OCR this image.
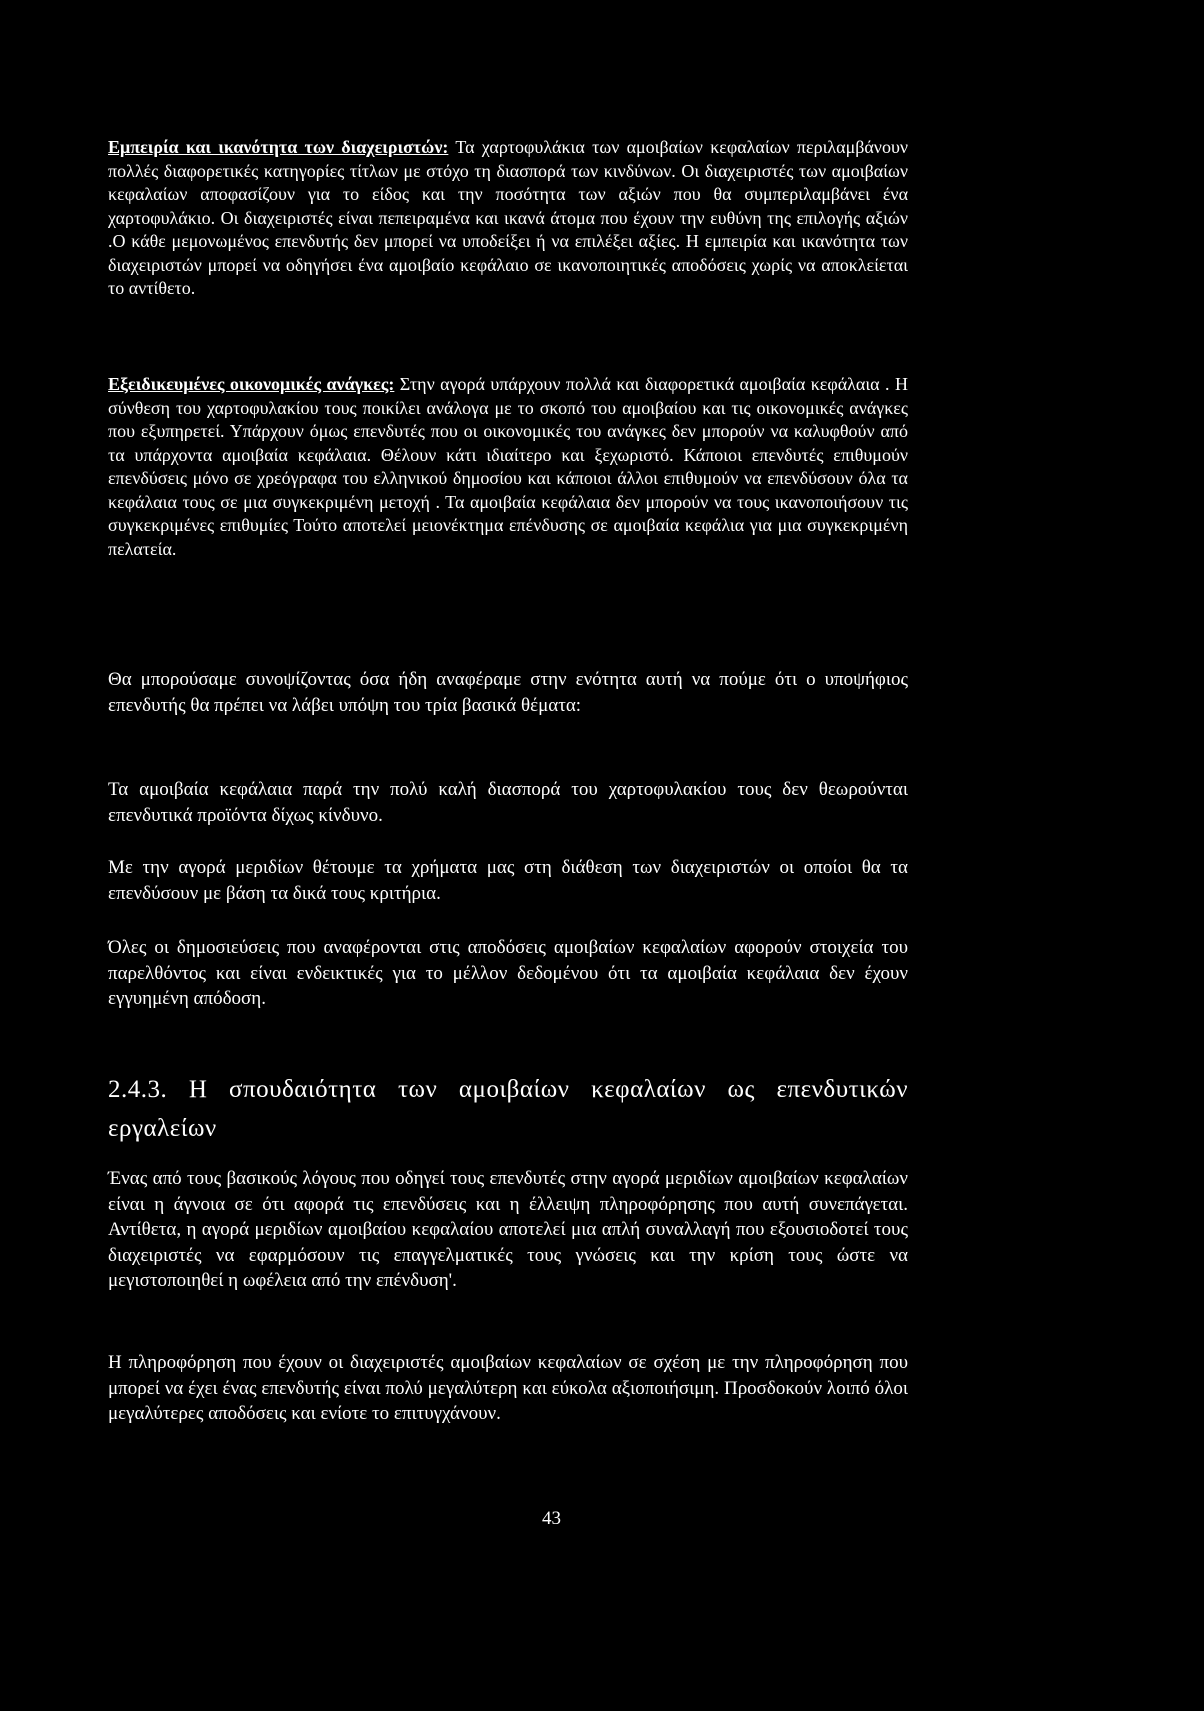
Εμπειρία και ικανότητα των διαχειριστών: Τα χαρτοφυλάκια των αμοιβαίων κεφαλαίων περιλαμβάνουν πολλές διαφορετικές κατηγορίες τίτλων με στόχο τη διασπορά των κινδύνων. Οι διαχειριστές των αμοιβαίων κεφαλαίων αποφασίζουν για το είδος και την ποσότητα των αξιών που θα συμπεριλαμβάνει ένα χαρτοφυλάκιο. Οι διαχειριστές είναι πεπειραμένα και ικανά άτομα που έχουν την ευθύνη της επιλογής αξιών .Ο κάθε μεμονωμένος επενδυτής δεν μπορεί να υποδείξει ή να επιλέξει αξίες. Η εμπειρία και ικανότητα των διαχειριστών μπορεί να οδηγήσει ένα αμοιβαίο κεφάλαιο σε ικανοποιητικές αποδόσεις χωρίς να αποκλείεται το αντίθετο.

Εξειδικευμένες οικονομικές ανάγκες: Στην αγορά υπάρχουν πολλά και διαφορετικά αμοιβαία κεφάλαια . Η σύνθεση του χαρτοφυλακίου τους ποικίλει ανάλογα με το σκοπό του αμοιβαίου και τις οικονομικές ανάγκες που εξυπηρετεί. Υπάρχουν όμως επενδυτές που οι οικονομικές του ανάγκες δεν μπορούν να καλυφθούν από τα υπάρχοντα αμοιβαία κεφάλαια. Θέλουν κάτι ιδιαίτερο και ξεχωριστό. Κάποιοι επενδυτές επιθυμούν επενδύσεις μόνο σε χρεόγραφα του ελληνικού δημοσίου και κάποιοι άλλοι επιθυμούν να επενδύσουν όλα τα κεφάλαια τους σε μια συγκεκριμένη μετοχή . Τα αμοιβαία κεφάλαια δεν μπορούν να τους ικανοποιήσουν τις συγκεκριμένες επιθυμίες Τούτο αποτελεί μειονέκτημα επένδυσης σε αμοιβαία κεφάλια για μια συγκεκριμένη πελατεία.

Θα μπορούσαμε συνοψίζοντας όσα ήδη αναφέραμε στην ενότητα αυτή να πούμε ότι ο υποψήφιος επενδυτής θα πρέπει να λάβει υπόψη του τρία βασικά θέματα:

Τα αμοιβαία κεφάλαια παρά την πολύ καλή διασπορά του χαρτοφυλακίου τους δεν θεωρούνται επενδυτικά προϊόντα δίχως κίνδυνο.

Με την αγορά μεριδίων θέτουμε τα χρήματα μας στη διάθεση των διαχειριστών οι οποίοι θα τα επενδύσουν με βάση τα δικά τους κριτήρια.

Όλες οι δημοσιεύσεις που αναφέρονται στις αποδόσεις αμοιβαίων κεφαλαίων αφορούν στοιχεία του παρελθόντος και είναι ενδεικτικές για το μέλλον δεδομένου ότι τα αμοιβαία κεφάλαια δεν έχουν εγγυημένη απόδοση.

2.4.3. Η σπουδαιότητα των αμοιβαίων κεφαλαίων ως επενδυτικών εργαλείων

Ένας από τους βασικούς λόγους που οδηγεί τους επενδυτές στην αγορά μεριδίων αμοιβαίων κεφαλαίων είναι η άγνοια σε ότι αφορά τις επενδύσεις και η έλλειψη πληροφόρησης που αυτή συνεπάγεται. Αντίθετα, η αγορά μεριδίων αμοιβαίου κεφαλαίου αποτελεί μια απλή συναλλαγή που εξουσιοδοτεί τους διαχειριστές να εφαρμόσουν τις επαγγελματικές τους γνώσεις και την κρίση τους ώστε να μεγιστοποιηθεί η ωφέλεια από την επένδυση'.

Η πληροφόρηση που έχουν οι διαχειριστές αμοιβαίων κεφαλαίων σε σχέση με την πληροφόρηση που μπορεί να έχει ένας επενδυτής είναι πολύ μεγαλύτερη και εύκολα αξιοποιήσιμη. Προσδοκούν λοιπό όλοι μεγαλύτερες αποδόσεις και ενίοτε το επιτυγχάνουν.

43
